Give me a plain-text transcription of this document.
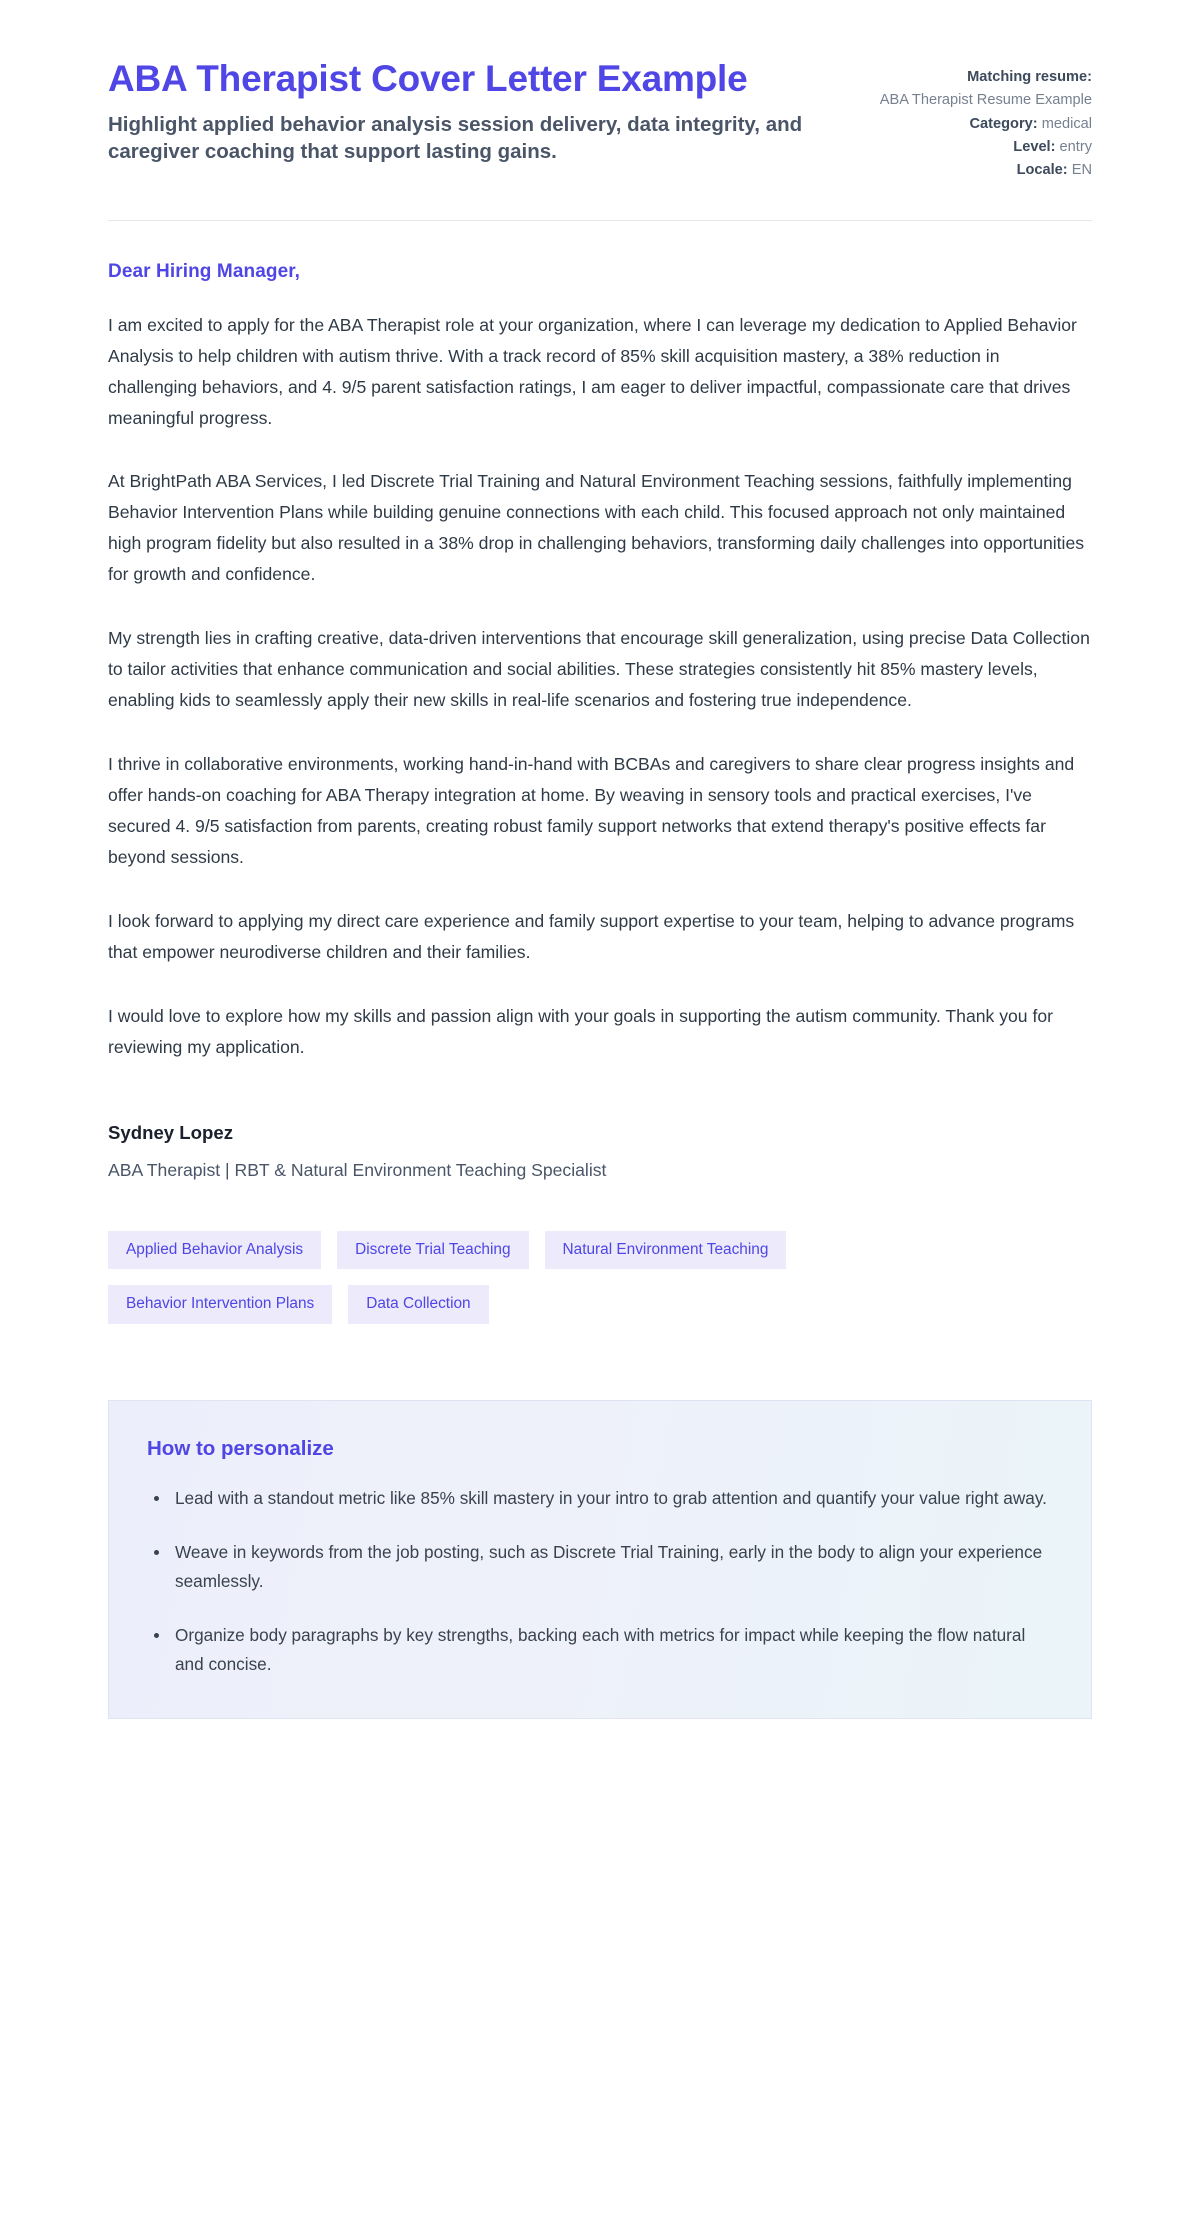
ABA Therapist Cover Letter Example

Highlight applied behavior analysis session delivery, data integrity, and caregiver coaching that support lasting gains.

Matching resume:
ABA Therapist Resume Example
Category: medical
Level: entry
Locale: EN

Dear Hiring Manager,

I am excited to apply for the ABA Therapist role at your organization, where I can leverage my dedication to Applied Behavior Analysis to help children with autism thrive. With a track record of 85% skill acquisition mastery, a 38% reduction in challenging behaviors, and 4. 9/5 parent satisfaction ratings, I am eager to deliver impactful, compassionate care that drives meaningful progress.

At BrightPath ABA Services, I led Discrete Trial Training and Natural Environment Teaching sessions, faithfully implementing Behavior Intervention Plans while building genuine connections with each child. This focused approach not only maintained high program fidelity but also resulted in a 38% drop in challenging behaviors, transforming daily challenges into opportunities for growth and confidence.

My strength lies in crafting creative, data-driven interventions that encourage skill generalization, using precise Data Collection to tailor activities that enhance communication and social abilities. These strategies consistently hit 85% mastery levels, enabling kids to seamlessly apply their new skills in real-life scenarios and fostering true independence.

I thrive in collaborative environments, working hand-in-hand with BCBAs and caregivers to share clear progress insights and offer hands-on coaching for ABA Therapy integration at home. By weaving in sensory tools and practical exercises, I've secured 4. 9/5 satisfaction from parents, creating robust family support networks that extend therapy's positive effects far beyond sessions.

I look forward to applying my direct care experience and family support expertise to your team, helping to advance programs that empower neurodiverse children and their families.

I would love to explore how my skills and passion align with your goals in supporting the autism community. Thank you for reviewing my application.

Sydney Lopez

ABA Therapist | RBT & Natural Environment Teaching Specialist

Applied Behavior Analysis	Discrete Trial Teaching	Natural Environment Teaching
Behavior Intervention Plans	Data Collection
How to personalize
Lead with a standout metric like 85% skill mastery in your intro to grab attention and quantify your value right away.
Weave in keywords from the job posting, such as Discrete Trial Training, early in the body to align your experience seamlessly.
Organize body paragraphs by key strengths, backing each with metrics for impact while keeping the flow natural and concise.
